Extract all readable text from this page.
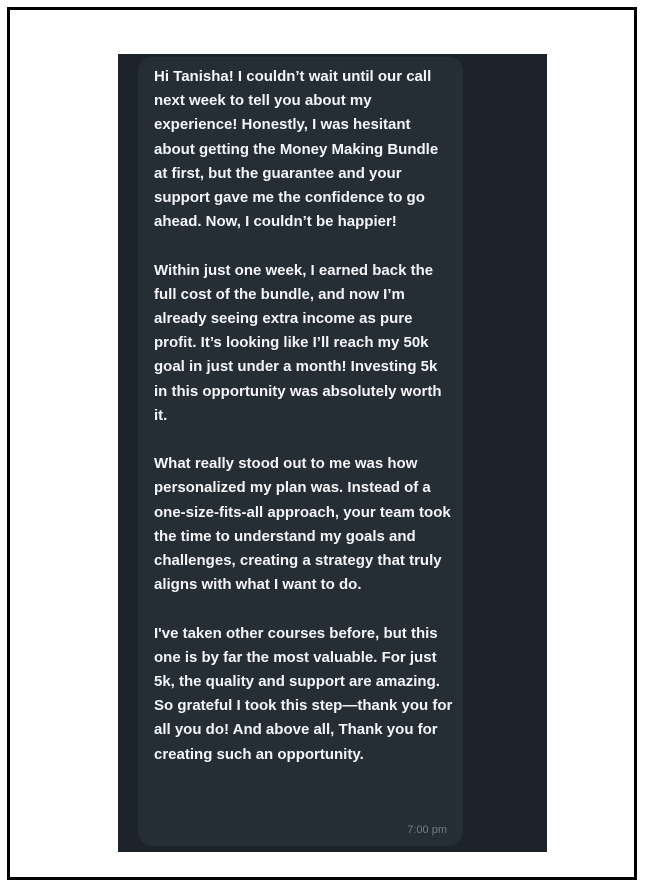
Hi Tanisha! I couldn’t wait until our call next week to tell you about my experience! Honestly, I was hesitant about getting the Money Making Bundle at first, but the guarantee and your support gave me the confidence to go ahead. Now, I couldn’t be happier!

Within just one week, I earned back the full cost of the bundle, and now I’m already seeing extra income as pure profit. It’s looking like I’ll reach my 50k goal in just under a month! Investing 5k in this opportunity was absolutely worth it.

What really stood out to me was how personalized my plan was. Instead of a one-size-fits-all approach, your team took the time to understand my goals and challenges, creating a strategy that truly aligns with what I want to do.

I've taken other courses before, but this one is by far the most valuable. For just 5k, the quality and support are amazing. So grateful I took this step—thank you for all you do! And above all, Thank you for creating such an opportunity.

7:00 pm
